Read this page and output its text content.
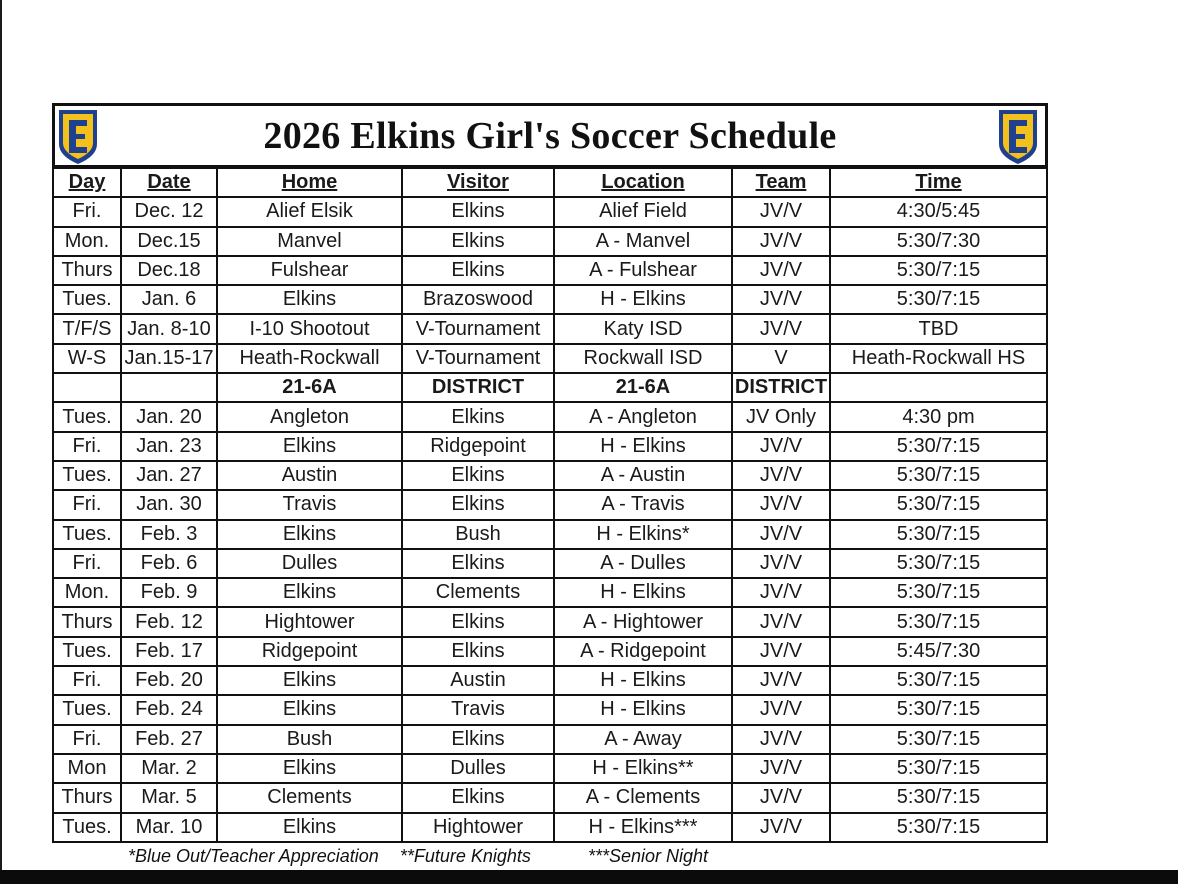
2026 Elkins Girl's Soccer Schedule
Day	Date	Home	Visitor	Location	Team	Time
Fri.	Dec. 12	Alief Elsik	Elkins	Alief Field	JV/V	4:30/5:45
Mon.	Dec.15	Manvel	Elkins	A - Manvel	JV/V	5:30/7:30
Thurs	Dec.18	Fulshear	Elkins	A - Fulshear	JV/V	5:30/7:15
Tues.	Jan. 6	Elkins	Brazoswood	H - Elkins	JV/V	5:30/7:15
T/F/S	Jan. 8-10	I-10 Shootout	V-Tournament	Katy ISD	JV/V	TBD
W-S	Jan.15-17	Heath-Rockwall	V-Tournament	Rockwall ISD	V	Heath-Rockwall HS
		21-6A	DISTRICT	21-6A	DISTRICT	
Tues.	Jan. 20	Angleton	Elkins	A - Angleton	JV Only	4:30 pm
Fri.	Jan. 23	Elkins	Ridgepoint	H - Elkins	JV/V	5:30/7:15
Tues.	Jan. 27	Austin	Elkins	A - Austin	JV/V	5:30/7:15
Fri.	Jan. 30	Travis	Elkins	A - Travis	JV/V	5:30/7:15
Tues.	Feb. 3	Elkins	Bush	H - Elkins*	JV/V	5:30/7:15
Fri.	Feb. 6	Dulles	Elkins	A - Dulles	JV/V	5:30/7:15
Mon.	Feb. 9	Elkins	Clements	H - Elkins	JV/V	5:30/7:15
Thurs	Feb. 12	Hightower	Elkins	A - Hightower	JV/V	5:30/7:15
Tues.	Feb. 17	Ridgepoint	Elkins	A - Ridgepoint	JV/V	5:45/7:30
Fri.	Feb. 20	Elkins	Austin	H - Elkins	JV/V	5:30/7:15
Tues.	Feb. 24	Elkins	Travis	H - Elkins	JV/V	5:30/7:15
Fri.	Feb. 27	Bush	Elkins	A - Away	JV/V	5:30/7:15
Mon	Mar. 2	Elkins	Dulles	H - Elkins**	JV/V	5:30/7:15
Thurs	Mar. 5	Clements	Elkins	A - Clements	JV/V	5:30/7:15
Tues.	Mar. 10	Elkins	Hightower	H - Elkins***	JV/V	5:30/7:15
*Blue Out/Teacher Appreciation **Future Knights	***Senior Night
